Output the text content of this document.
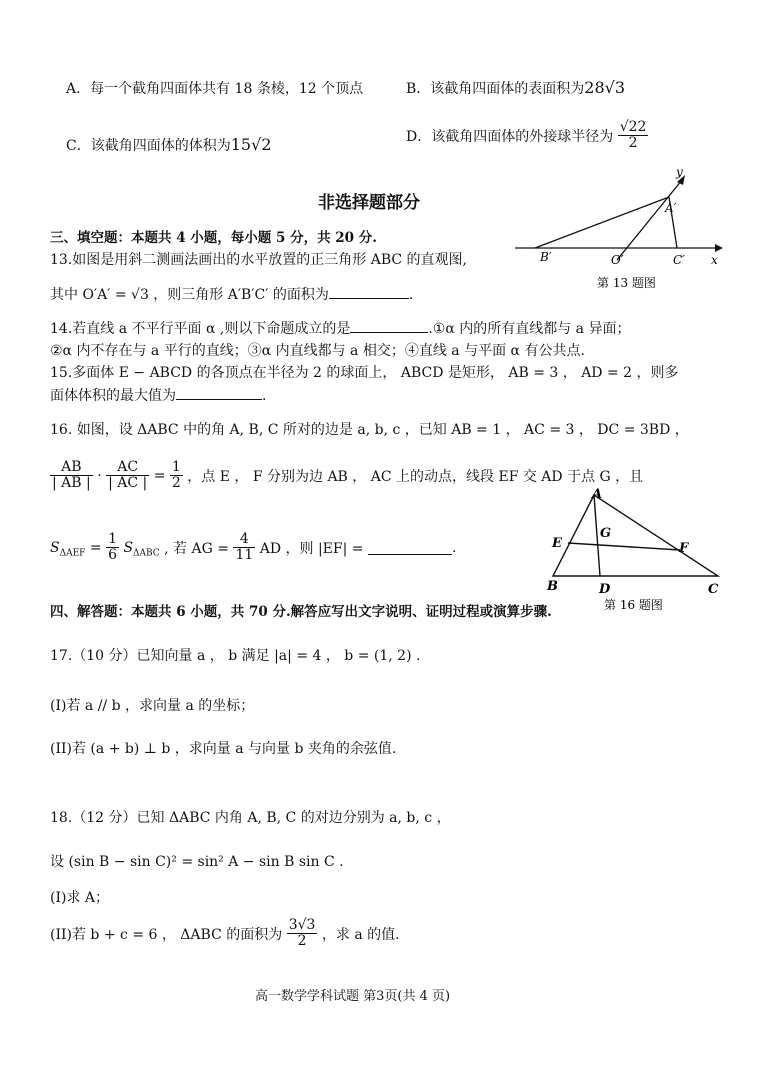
A．每一个截角四面体共有 18 条棱，12 个顶点	B．该截角四面体的表面积为28√3
C．该截角四面体的体积为15√2	D．该截角四面体的外接球半径为 $\frac{√22}{2}$
非选择题部分
三、填空题：本题共 4 小题，每小题 5 分，共 20 分.
y
A′
B′	O′	C′ x
第 13 题图
13.如图是用斜二测画法画出的水平放置的正三角形 ABC 的直观图,
其中 O′A′ = √3 ，则三角形 A′B′C′ 的面积为	.
14.若直线 a 不平行平面 α ,则以下命题成立的是	.①α 内的所有直线都与 a 异面；
②α 内不存在与 a 平行的直线；③α 内直线都与 a 相交；④直线 a 与平面 α 有公共点.
15.多面体 E − ABCD 的各顶点在半径为 2 的球面上， ABCD 是矩形， AB = 3 ， AD = 2 ，则多
面体体积的最大值为	.
16. 如图，设 ΔABC 中的角 A, B, C 所对的边是 a, b, c ，已知 AB = 1 ， AC = 3 ， DC = 3BD ，
$\frac{AB}{| AB |} \cdot \frac{AC}{| AC |} = \frac{1}{2}$ ，点 E ， F 分别为边 AB ， AC 上的动点，线段 EF 交 AD 于点 G ，且
$S_{\Delta AEF} = \frac{1}{6} S_{\Delta ABC}$ , 若 AG = $\frac{4}{11}$ AD ，则 |EF| =	.
A
E
G
F
B	D	C
第 16 题图
四、解答题：本题共 6 小题，共 70 分.解答应写出文字说明、证明过程或演算步骤.
17.（10 分）已知向量 a ， b 满足 |a| = 4 ， b = (1, 2) .
(I)若 a // b ，求向量 a 的坐标；
(II)若 (a + b) ⊥ b ，求向量 a 与向量 b 夹角的余弦值.
18.（12 分）已知 ΔABC 内角 A, B, C 的对边分别为 a, b, c ，
设 (sin B − sin C)² = sin² A − sin B sin C .
(I)求 A；
(II)若 b + c = 6 ， ΔABC 的面积为 $\frac{3√3}{2}$ ，求 a 的值.
高一数学学科试题 第3页(共 4 页)
